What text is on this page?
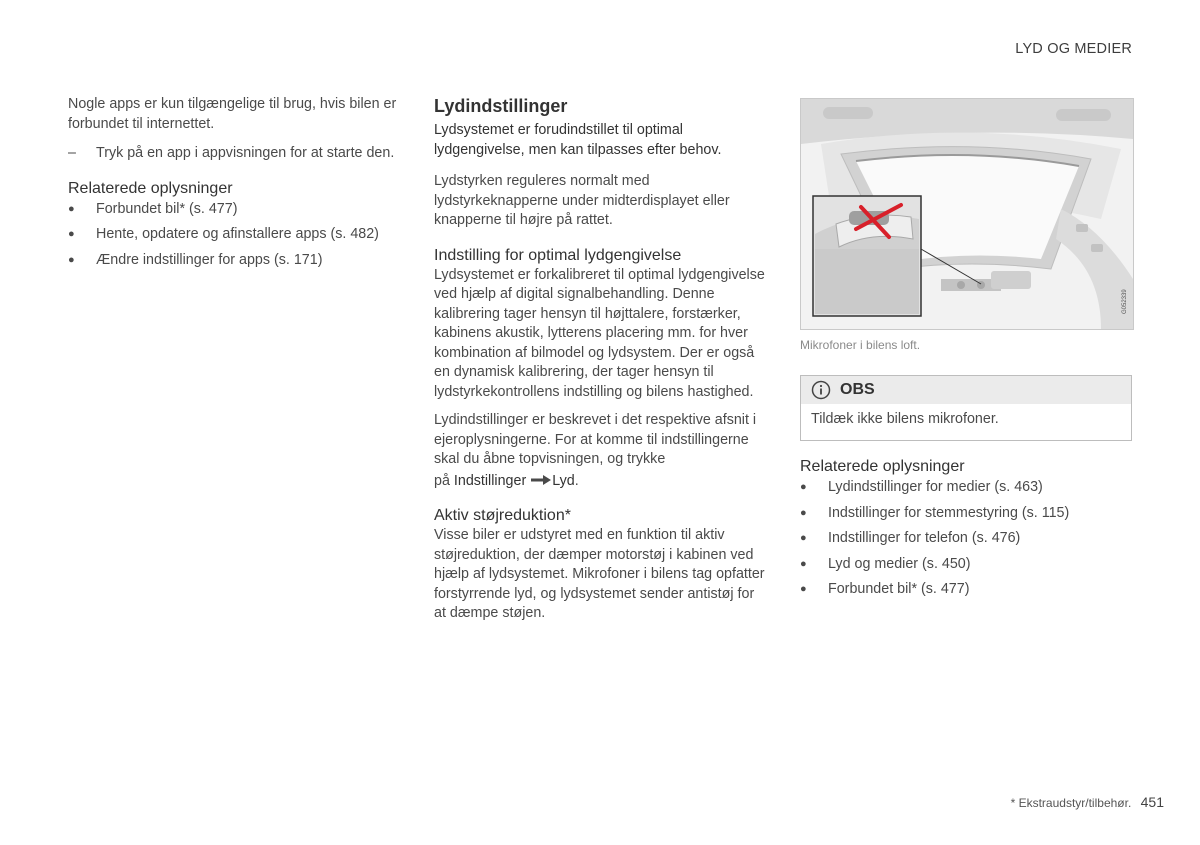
LYD OG MEDIER

Nogle apps er kun tilgængelige til brug, hvis bilen er forbundet til internettet.

–	Tryk på en app i appvisningen for at starte den.
Relaterede oplysninger
●	Forbundet bil* (s. 477)
●	Hente, opdatere og afinstallere apps (s. 482)
●	Ændre indstillinger for apps (s. 171)
Lydindstillinger

Lydsystemet er forudindstillet til optimal lydgengivelse, men kan tilpasses efter behov.

Lydstyrken reguleres normalt med lydstyrkeknapperne under midterdisplayet eller knapperne til højre på rattet.

Indstilling for optimal lydgengivelse

Lydsystemet er forkalibreret til optimal lydgengivelse ved hjælp af digital signalbehandling. Denne kalibrering tager hensyn til højttalere, forstærker, kabinens akustik, lytterens placering mm. for hver kombination af bilmodel og lydsystem. Der er også en dynamisk kalibrering, der tager hensyn til lydstyrkekontrollens indstilling og bilens hastighed.

Lydindstillinger er beskrevet i det respektive afsnit i ejeroplysningerne. For at komme til indstillingerne skal du åbne topvisningen, og trykke

på Indstillinger Lyd.

Aktiv støjreduktion*

Visse biler er udstyret med en funktion til aktiv støjreduktion, der dæmper motorstøj i kabinen ved hjælp af lydsystemet. Mikrofoner i bilens tag opfatter forstyrrende lyd, og lydsystemet sender antistøj for at dæmpe støjen.

G052339
Mikrofoner i bilens loft.
OBS
Tildæk ikke bilens mikrofoner.
Relaterede oplysninger
●	Lydindstillinger for medier (s. 463)
●	Indstillinger for stemmestyring (s. 115)
●	Indstillinger for telefon (s. 476)
●	Lyd og medier (s. 450)
●	Forbundet bil* (s. 477)
* Ekstraudstyr/tilbehør. 451
